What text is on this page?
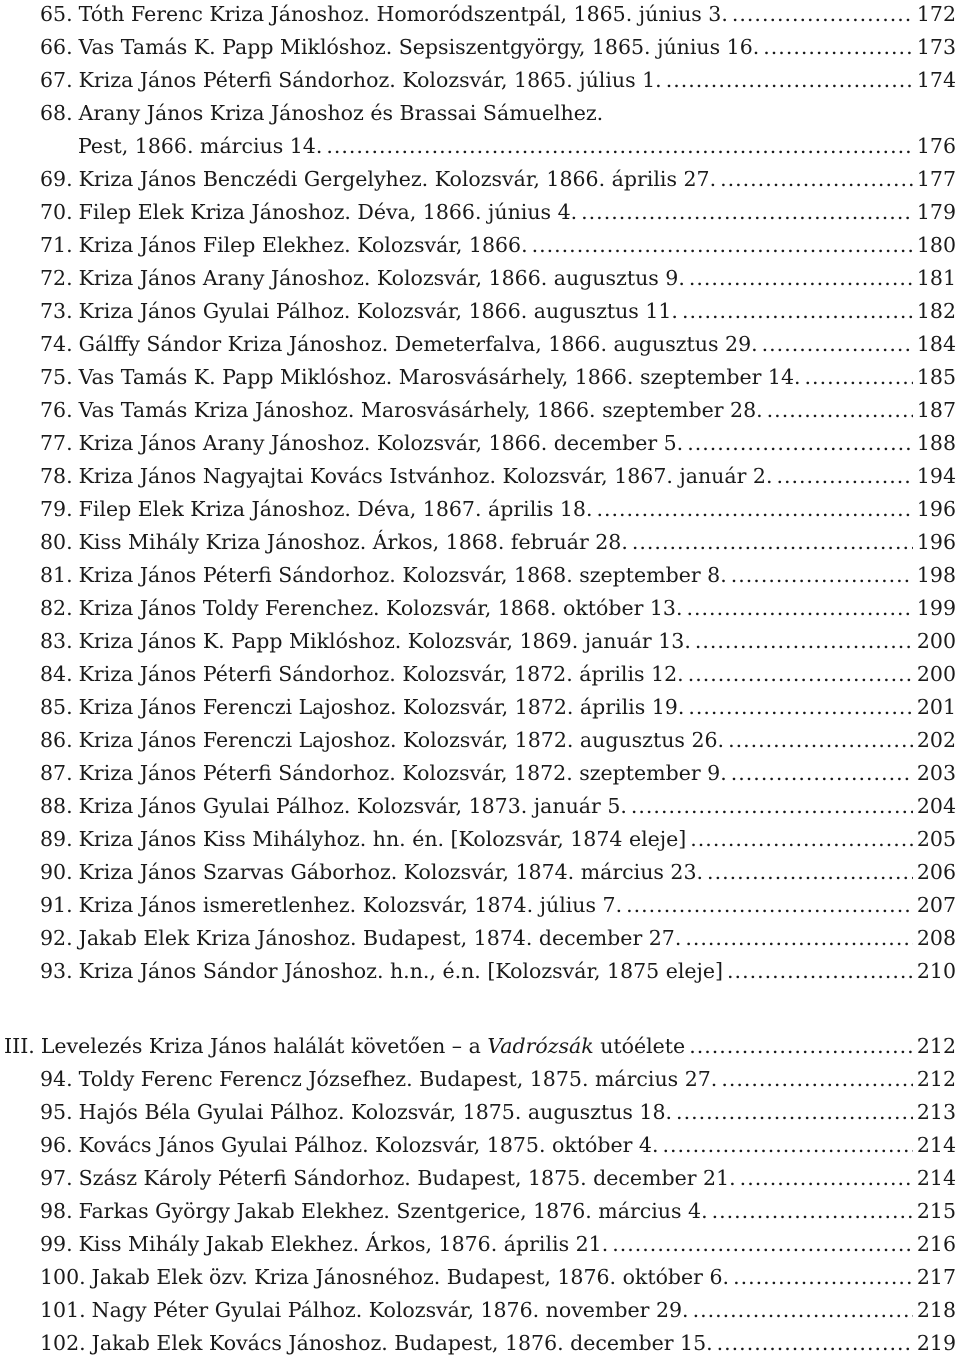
65. Tóth Ferenc Kriza Jánoshoz. Homoródszentpál, 1865. június 3. .....	172
66. Vas Tamás K. Papp Miklóshoz. Sepsiszentgyörgy, 1865. június 16. .....	173
67. Kriza János Péterfi Sándorhoz. Kolozsvár, 1865. július 1. .....	174
68. Arany János Kriza Jánoshoz és Brassai Sámuelhez.
Pest, 1866. március 14. .....	176
69. Kriza János Benczédi Gergelyhez. Kolozsvár, 1866. április 27. .....	177
70. Filep Elek Kriza Jánoshoz. Déva, 1866. június 4. .....	179
71. Kriza János Filep Elekhez. Kolozsvár, 1866. .....	180
72. Kriza János Arany Jánoshoz. Kolozsvár, 1866. augusztus 9. .....	181
73. Kriza János Gyulai Pálhoz. Kolozsvár, 1866. augusztus 11. .....	182
74. Gálffy Sándor Kriza Jánoshoz. Demeterfalva, 1866. augusztus 29. .....	184
75. Vas Tamás K. Papp Miklóshoz. Marosvásárhely, 1866. szeptember 14. .....	185
76. Vas Tamás Kriza Jánoshoz. Marosvásárhely, 1866. szeptember 28. .....	187
77. Kriza János Arany Jánoshoz. Kolozsvár, 1866. december 5. .....	188
78. Kriza János Nagyajtai Kovács Istvánhoz. Kolozsvár, 1867. január 2. .....	194
79. Filep Elek Kriza Jánoshoz. Déva, 1867. április 18. .....	196
80. Kiss Mihály Kriza Jánoshoz. Árkos, 1868. február 28. .....	196
81. Kriza János Péterfi Sándorhoz. Kolozsvár, 1868. szeptember 8. .....	198
82. Kriza János Toldy Ferenchez. Kolozsvár, 1868. október 13. .....	199
83. Kriza János K. Papp Miklóshoz. Kolozsvár, 1869. január 13. .....	200
84. Kriza János Péterfi Sándorhoz. Kolozsvár, 1872. április 12. .....	200
85. Kriza János Ferenczi Lajoshoz. Kolozsvár, 1872. április 19. .....	201
86. Kriza János Ferenczi Lajoshoz. Kolozsvár, 1872. augusztus 26. .....	202
87. Kriza János Péterfi Sándorhoz. Kolozsvár, 1872. szeptember 9. .....	203
88. Kriza János Gyulai Pálhoz. Kolozsvár, 1873. január 5. .....	204
89. Kriza János Kiss Mihályhoz. hn. én. [Kolozsvár, 1874 eleje] .....	205
90. Kriza János Szarvas Gáborhoz. Kolozsvár, 1874. március 23. .....	206
91. Kriza János ismeretlenhez. Kolozsvár, 1874. július 7. .....	207
92. Jakab Elek Kriza Jánoshoz. Budapest, 1874. december 27. .....	208
93. Kriza János Sándor Jánoshoz. h.n., é.n. [Kolozsvár, 1875 eleje] .....	210
III. Levelezés Kriza János halálát követően – a Vadrózsák utóélete .....	212
94. Toldy Ferenc Ferencz Józsefhez. Budapest, 1875. március 27. .....	212
95. Hajós Béla Gyulai Pálhoz. Kolozsvár, 1875. augusztus 18. .....	213
96. Kovács János Gyulai Pálhoz. Kolozsvár, 1875. október 4. .....	214
97. Szász Károly Péterfi Sándorhoz. Budapest, 1875. december 21. .....	214
98. Farkas György Jakab Elekhez. Szentgerice, 1876. március 4. .....	215
99. Kiss Mihály Jakab Elekhez. Árkos, 1876. április 21. .....	216
100. Jakab Elek özv. Kriza Jánosnéhoz. Budapest, 1876. október 6. .....	217
101. Nagy Péter Gyulai Pálhoz. Kolozsvár, 1876. november 29. .....	218
102. Jakab Elek Kovács Jánoshoz. Budapest, 1876. december 15. .....	219
